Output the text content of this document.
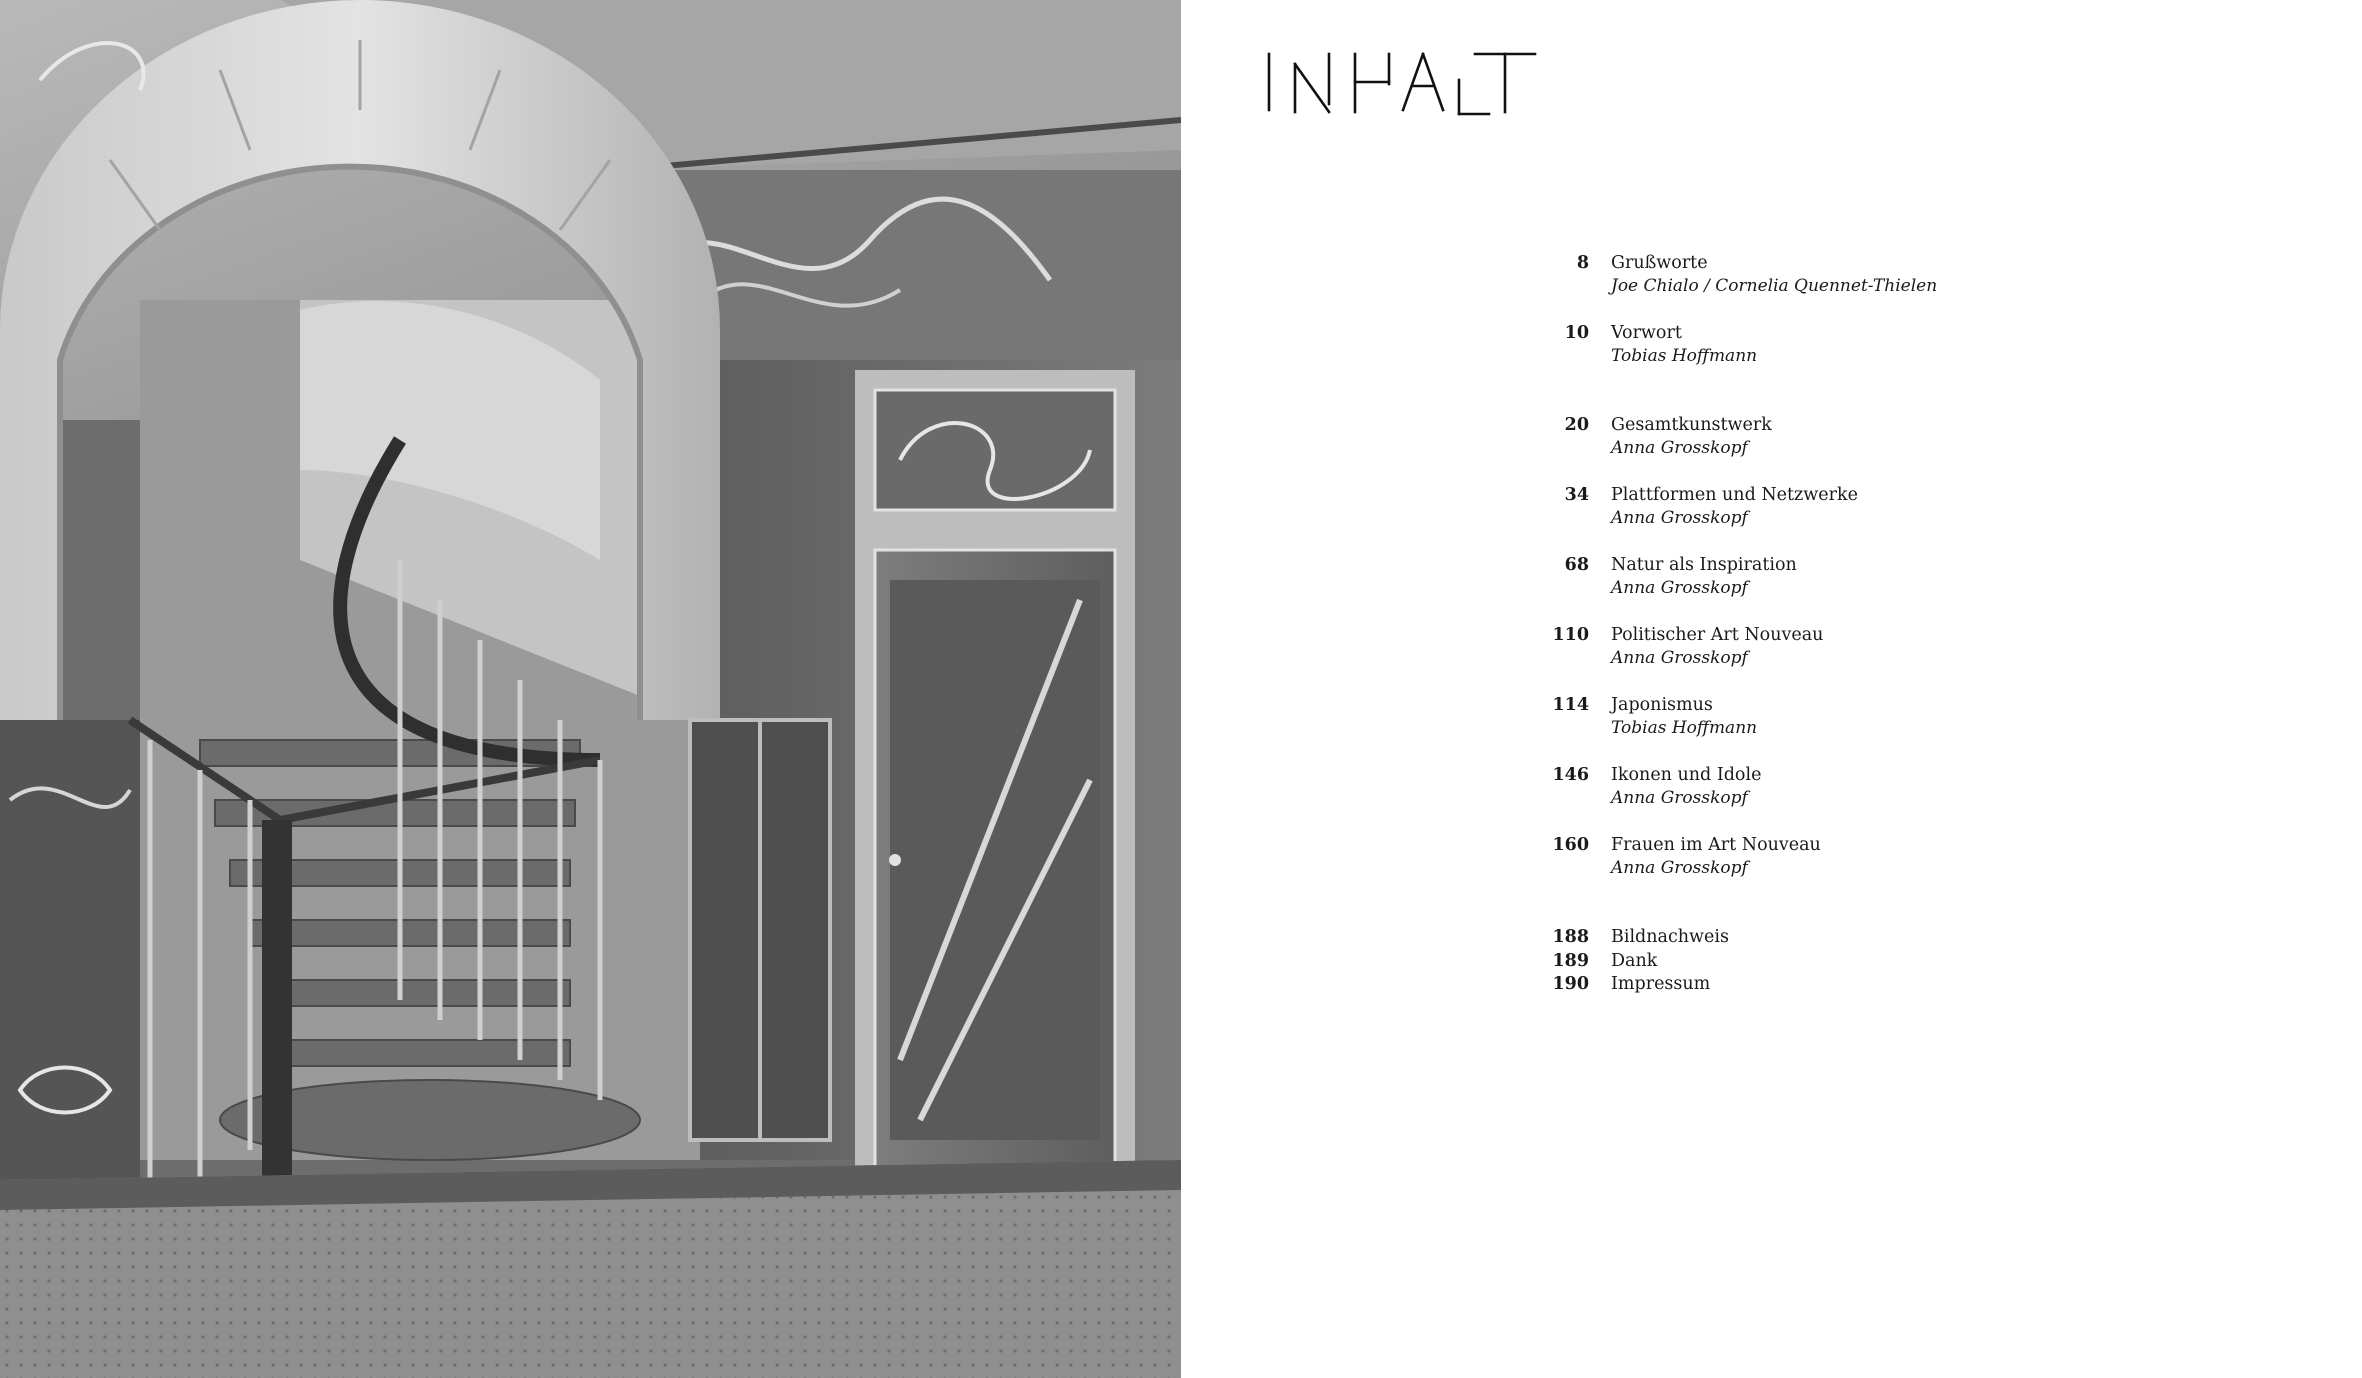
8 Grußworte
Joe Chialo / Cornelia Quennet-Thielen
10 Vorwort
Tobias Hoffmann
20 Gesamtkunstwerk
Anna Grosskopf
34 Plattformen und Netzwerke
Anna Grosskopf
68 Natur als Inspiration
Anna Grosskopf
110 Politischer Art Nouveau
Anna Grosskopf
114 Japonismus
Tobias Hoffmann
146 Ikonen und Idole
Anna Grosskopf
160 Frauen im Art Nouveau
Anna Grosskopf
188 Bildnachweis
189 Dank
190 Impressum
